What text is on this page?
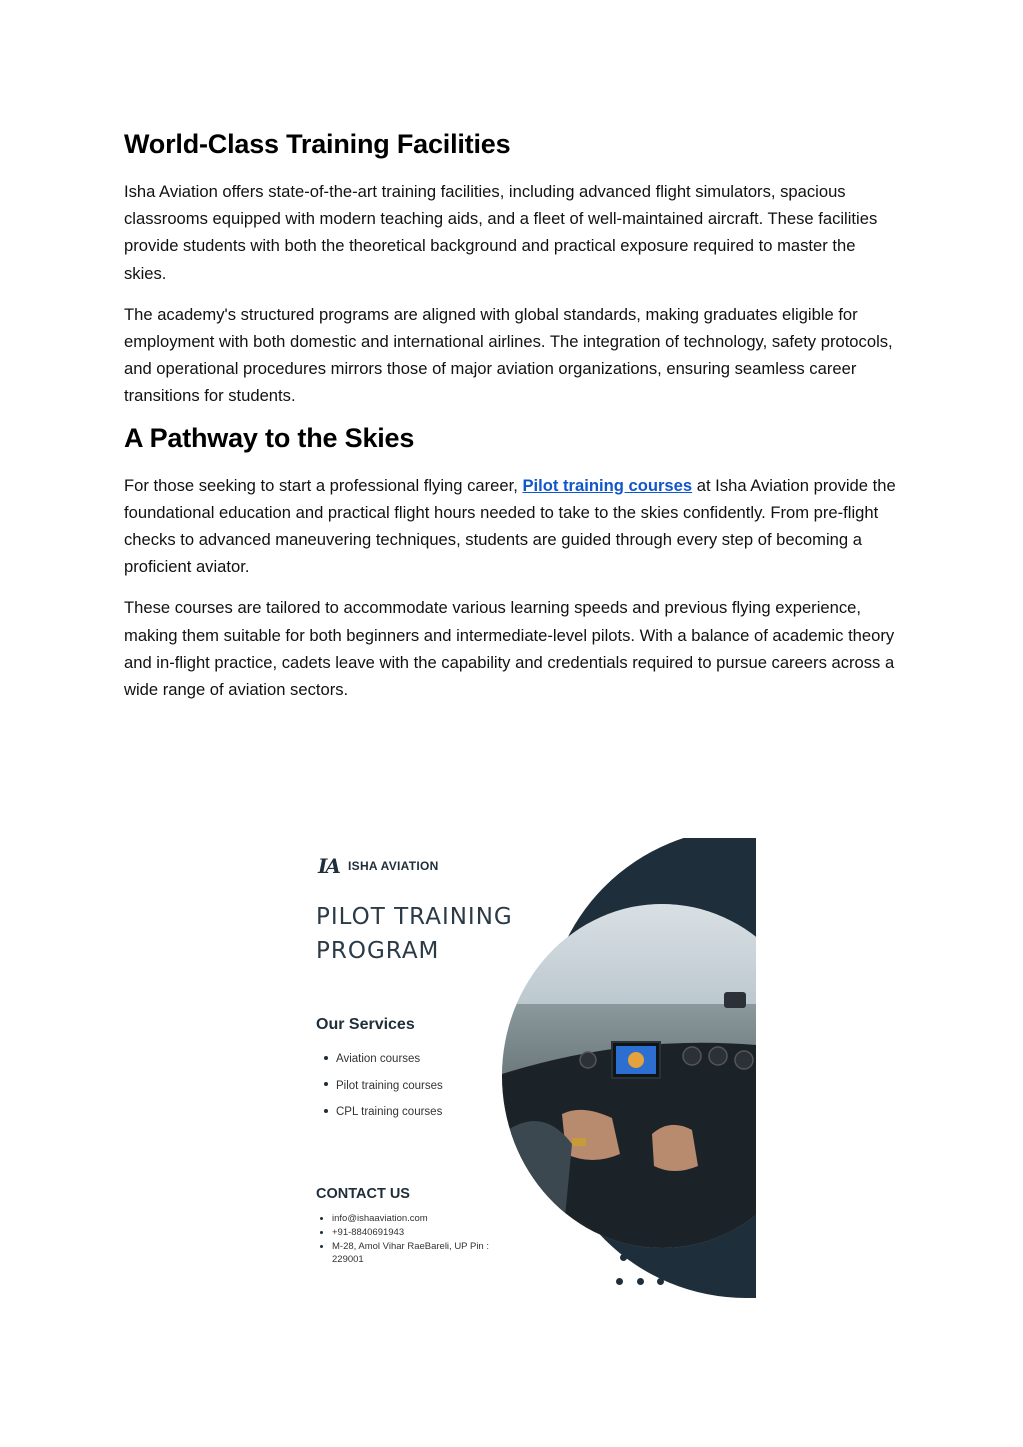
World-Class Training Facilities

Isha Aviation offers state-of-the-art training facilities, including advanced flight simulators, spacious classrooms equipped with modern teaching aids, and a fleet of well-maintained aircraft. These facilities provide students with both the theoretical background and practical exposure required to master the skies.

The academy's structured programs are aligned with global standards, making graduates eligible for employment with both domestic and international airlines. The integration of technology, safety protocols, and operational procedures mirrors those of major aviation organizations, ensuring seamless career transitions for students.

A Pathway to the Skies

For those seeking to start a professional flying career, Pilot training courses at Isha Aviation provide the foundational education and practical flight hours needed to take to the skies confidently. From pre-flight checks to advanced maneuvering techniques, students are guided through every step of becoming a proficient aviator.

These courses are tailored to accommodate various learning speeds and previous flying experience, making them suitable for both beginners and intermediate-level pilots. With a balance of academic theory and in-flight practice, cadets leave with the capability and credentials required to pursue careers across a wide range of aviation sectors.

IA ISHA AVIATION
PILOT TRAINING PROGRAM
Our Services
Aviation courses
Pilot training courses
CPL training courses
CONTACT US
info@ishaaviation.com
+91-8840691943
M-28, Amol Vihar RaeBareli, UP Pin : 229001
